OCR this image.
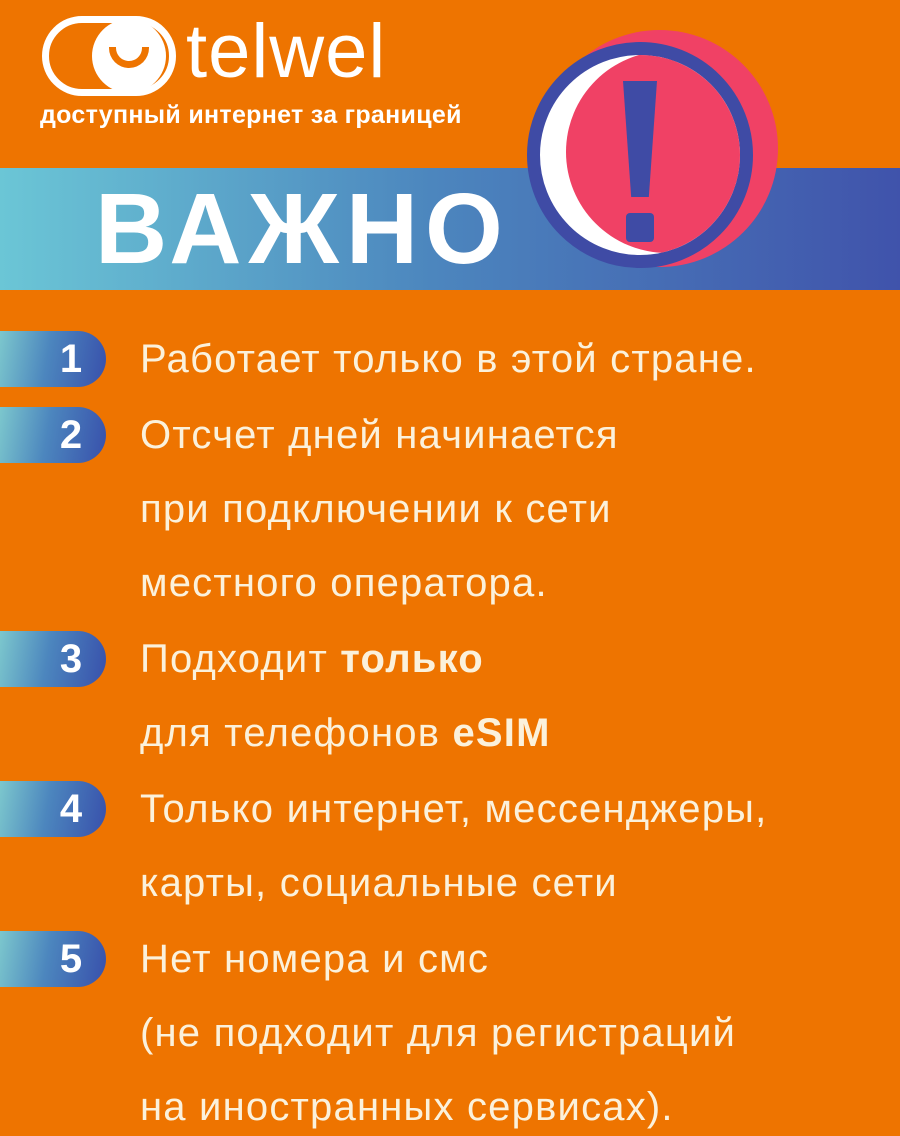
telwel
доступный интернет за границей
ВАЖНО
1	Работает только в этой стране.
2	Отсчет дней начинается
при подключении к сети
местного оператора.
3	Подходит только
для телефонов eSIM
4	Только интернет, мессенджеры,
карты, социальные сети
5	Нет номера и смс
(не подходит для регистраций
на иностранных сервисах).
